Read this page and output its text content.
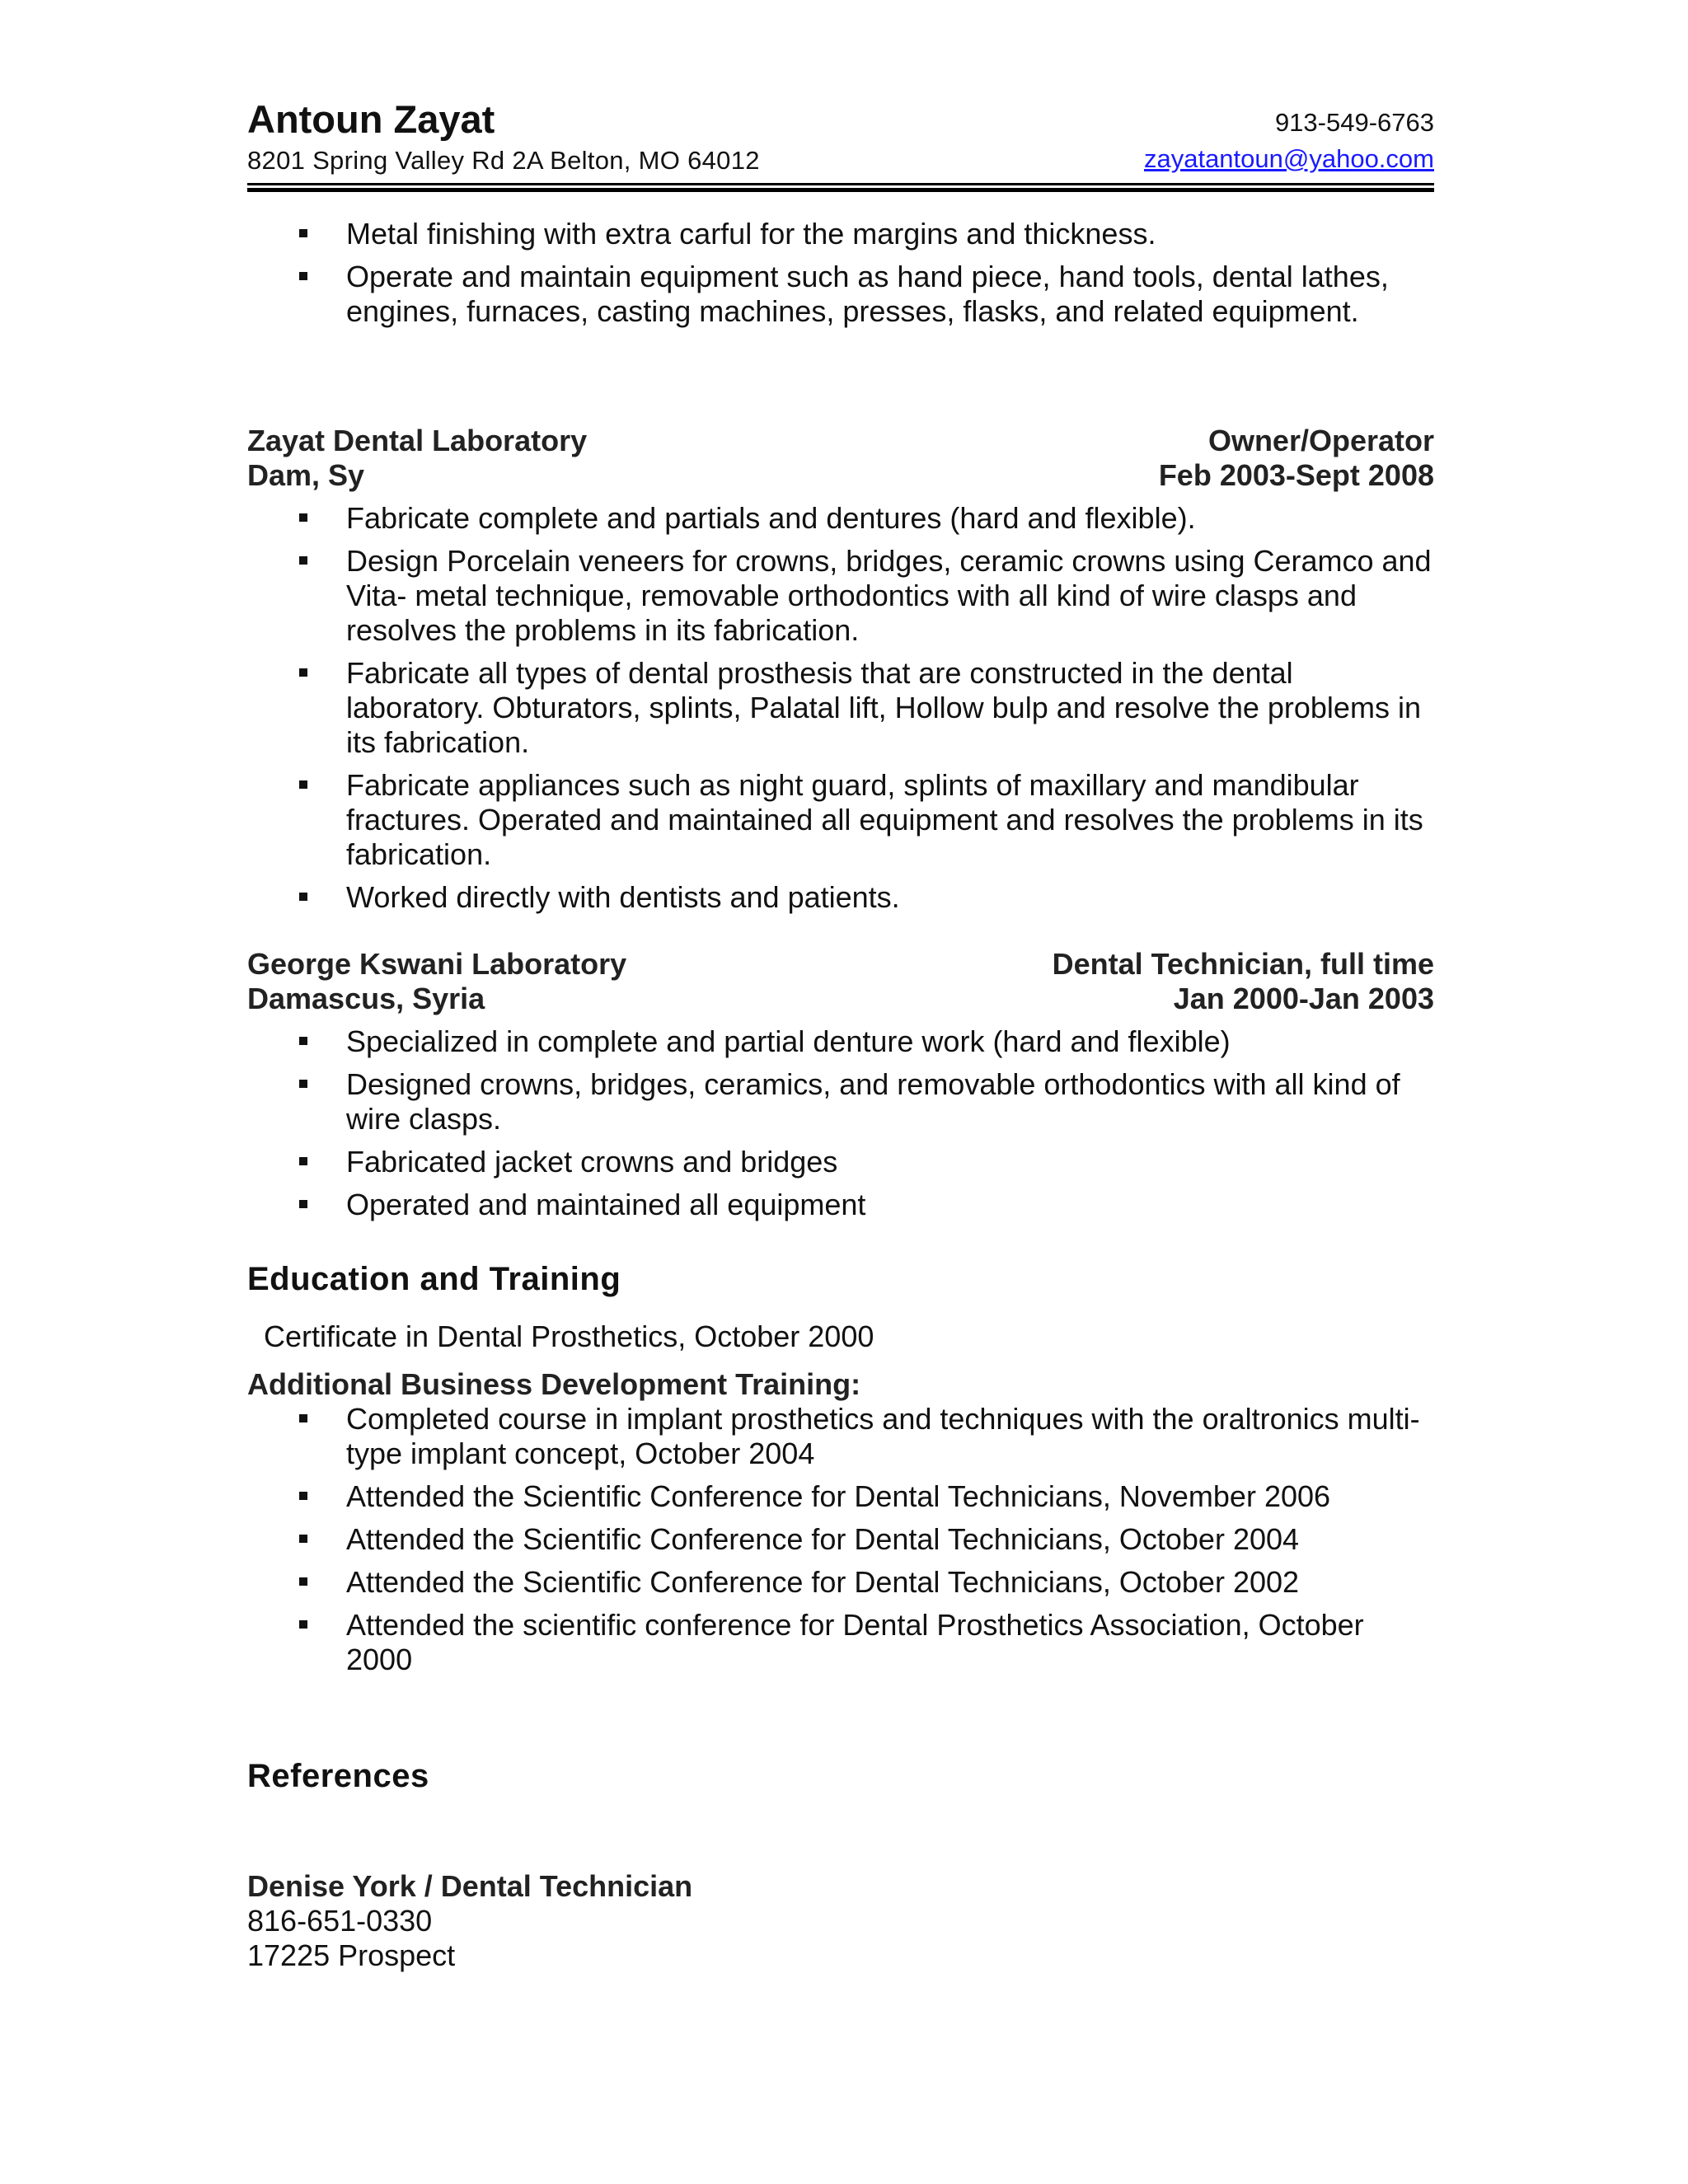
Antoun Zayat	913-549-6763
8201 Spring Valley Rd 2A Belton, MO 64012	zayatantoun@yahoo.com
Metal finishing with extra carful for the margins and thickness.
Operate and maintain equipment such as hand piece, hand tools, dental lathes, engines, furnaces, casting machines, presses, flasks, and related equipment.
Zayat Dental Laboratory	Owner/Operator
Dam, Sy	Feb 2003-Sept 2008
Fabricate complete and partials and dentures (hard and flexible).
Design Porcelain veneers for crowns, bridges, ceramic crowns using Ceramco and Vita- metal technique, removable orthodontics with all kind of wire clasps and resolves the problems in its fabrication.
Fabricate all types of dental prosthesis that are constructed in the dental laboratory. Obturators, splints, Palatal lift, Hollow bulp and resolve the problems in its fabrication.
Fabricate appliances such as night guard, splints of maxillary and mandibular fractures. Operated and maintained all equipment and resolves the problems in its fabrication.
Worked directly with dentists and patients.
George Kswani Laboratory	Dental Technician, full time
Damascus, Syria	Jan 2000-Jan 2003
Specialized in complete and partial denture work (hard and flexible)
Designed crowns, bridges, ceramics, and removable orthodontics with all kind of wire clasps.
Fabricated jacket crowns and bridges
Operated and maintained all equipment
Education and Training
Certificate in Dental Prosthetics, October 2000
Additional Business Development Training:
Completed course in implant prosthetics and techniques with the oraltronics multi-type implant concept, October 2004
Attended the Scientific Conference for Dental Technicians, November 2006
Attended the Scientific Conference for Dental Technicians, October 2004
Attended the Scientific Conference for Dental Technicians, October 2002
Attended the scientific conference for Dental Prosthetics Association, October 2000
References
Denise York / Dental Technician
816-651-0330
17225 Prospect
